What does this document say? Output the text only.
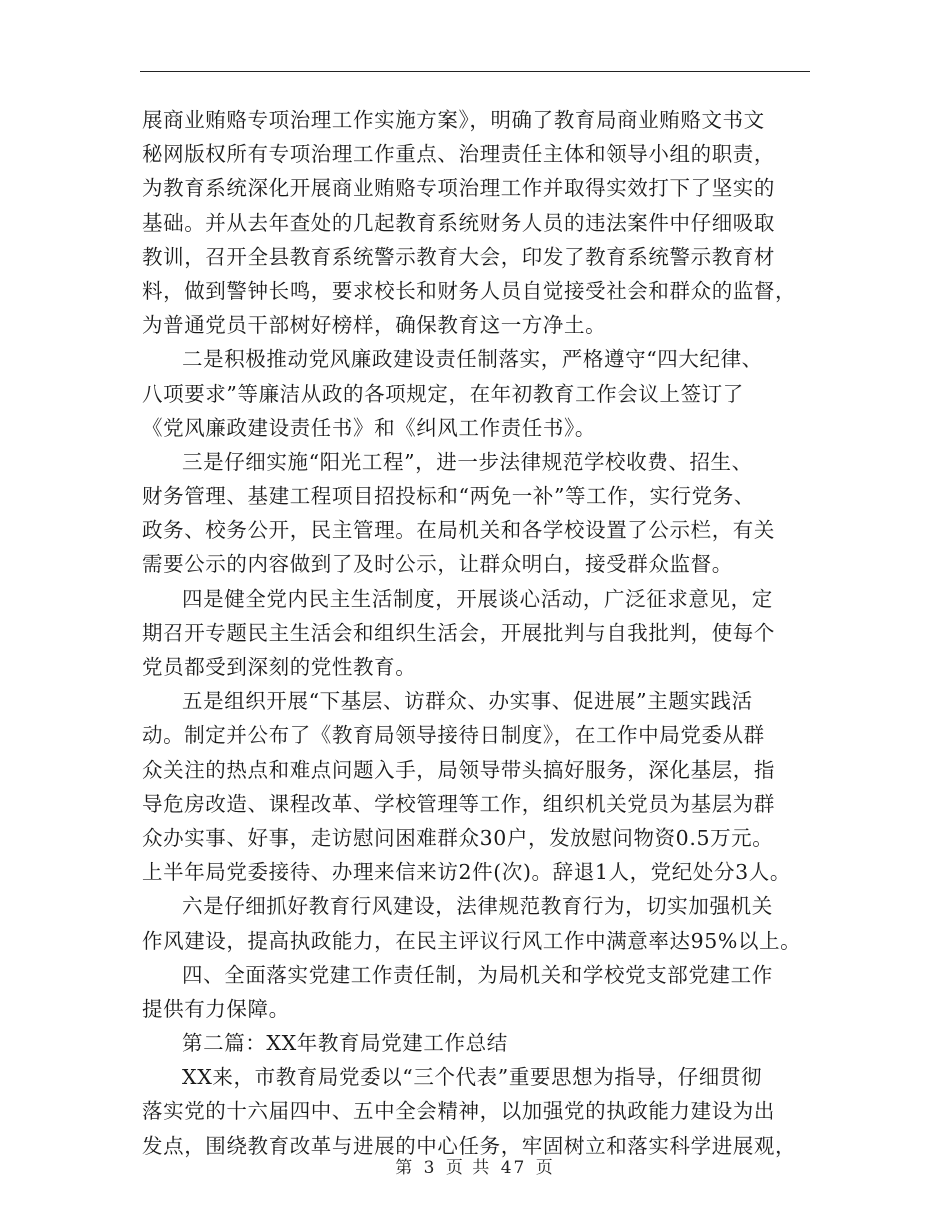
展商业贿赂专项治理工作实施方案》，明确了教育局商业贿赂文书文
秘网版权所有专项治理工作重点、治理责任主体和领导小组的职责，
为教育系统深化开展商业贿赂专项治理工作并取得实效打下了坚实的
基础。并从去年查处的几起教育系统财务人员的违法案件中仔细吸取
教训，召开全县教育系统警示教育大会，印发了教育系统警示教育材
料，做到警钟长鸣，要求校长和财务人员自觉接受社会和群众的监督，
为普通党员干部树好榜样，确保教育这一方净土。
二是积极推动党风廉政建设责任制落实，严格遵守“四大纪律、
八项要求”等廉洁从政的各项规定，在年初教育工作会议上签订了
《党风廉政建设责任书》和《纠风工作责任书》。
三是仔细实施“阳光工程”，进一步法律规范学校收费、招生、
财务管理、基建工程项目招投标和“两免一补”等工作，实行党务、
政务、校务公开，民主管理。在局机关和各学校设置了公示栏，有关
需要公示的内容做到了及时公示，让群众明白，接受群众监督。
四是健全党内民主生活制度，开展谈心活动，广泛征求意见，定
期召开专题民主生活会和组织生活会，开展批判与自我批判，使每个
党员都受到深刻的党性教育。
五是组织开展“下基层、访群众、办实事、促进展”主题实践活
动。制定并公布了《教育局领导接待日制度》，在工作中局党委从群
众关注的热点和难点问题入手，局领导带头搞好服务，深化基层，指
导危房改造、课程改革、学校管理等工作，组织机关党员为基层为群
众办实事、好事，走访慰问困难群众30户，发放慰问物资0.5万元。
上半年局党委接待、办理来信来访2件(次)。辞退1人，党纪处分3人。
六是仔细抓好教育行风建设，法律规范教育行为，切实加强机关
作风建设，提高执政能力，在民主评议行风工作中满意率达95%以上。
四、全面落实党建工作责任制，为局机关和学校党支部党建工作
提供有力保障。
第二篇：XX年教育局党建工作总结
XX来，市教育局党委以“三个代表”重要思想为指导，仔细贯彻
落实党的十六届四中、五中全会精神，以加强党的执政能力建设为出
发点，围绕教育改革与进展的中心任务，牢固树立和落实科学进展观，
第 3 页 共 47 页
